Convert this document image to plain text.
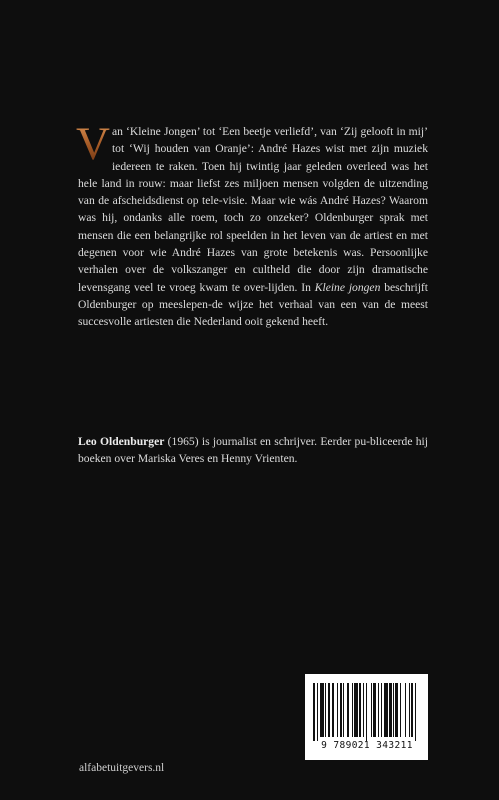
V an ‘Kleine Jongen’ tot ‘Een beetje verliefd’, van ‘Zij gelooft in mij’ tot ‘Wij houden van Oranje’: André Hazes wist met zijn muziek iedereen te raken. Toen hij twintig jaar geleden overleed was het hele land in rouw: maar liefst zes miljoen mensen volgden de uitzending van de afscheidsdienst op tele-visie. Maar wie wás André Hazes? Waarom was hij, ondanks alle roem, toch zo onzeker? Oldenburger sprak met mensen die een belangrijke rol speelden in het leven van de artiest en met degenen voor wie André Hazes van grote betekenis was. Persoonlijke verhalen over de volkszanger en cultheld die door zijn dramatische levensgang veel te vroeg kwam te over-lijden. In Kleine jongen beschrijft Oldenburger op meeslepen-de wijze het verhaal van een van de meest succesvolle artiesten die Nederland ooit gekend heeft.
Leo Oldenburger (1965) is journalist en schrijver. Eerder pu-bliceerde hij boeken over Mariska Veres en Henny Vrienten.
alfabetuitgevers.nl
9 789021 343211
